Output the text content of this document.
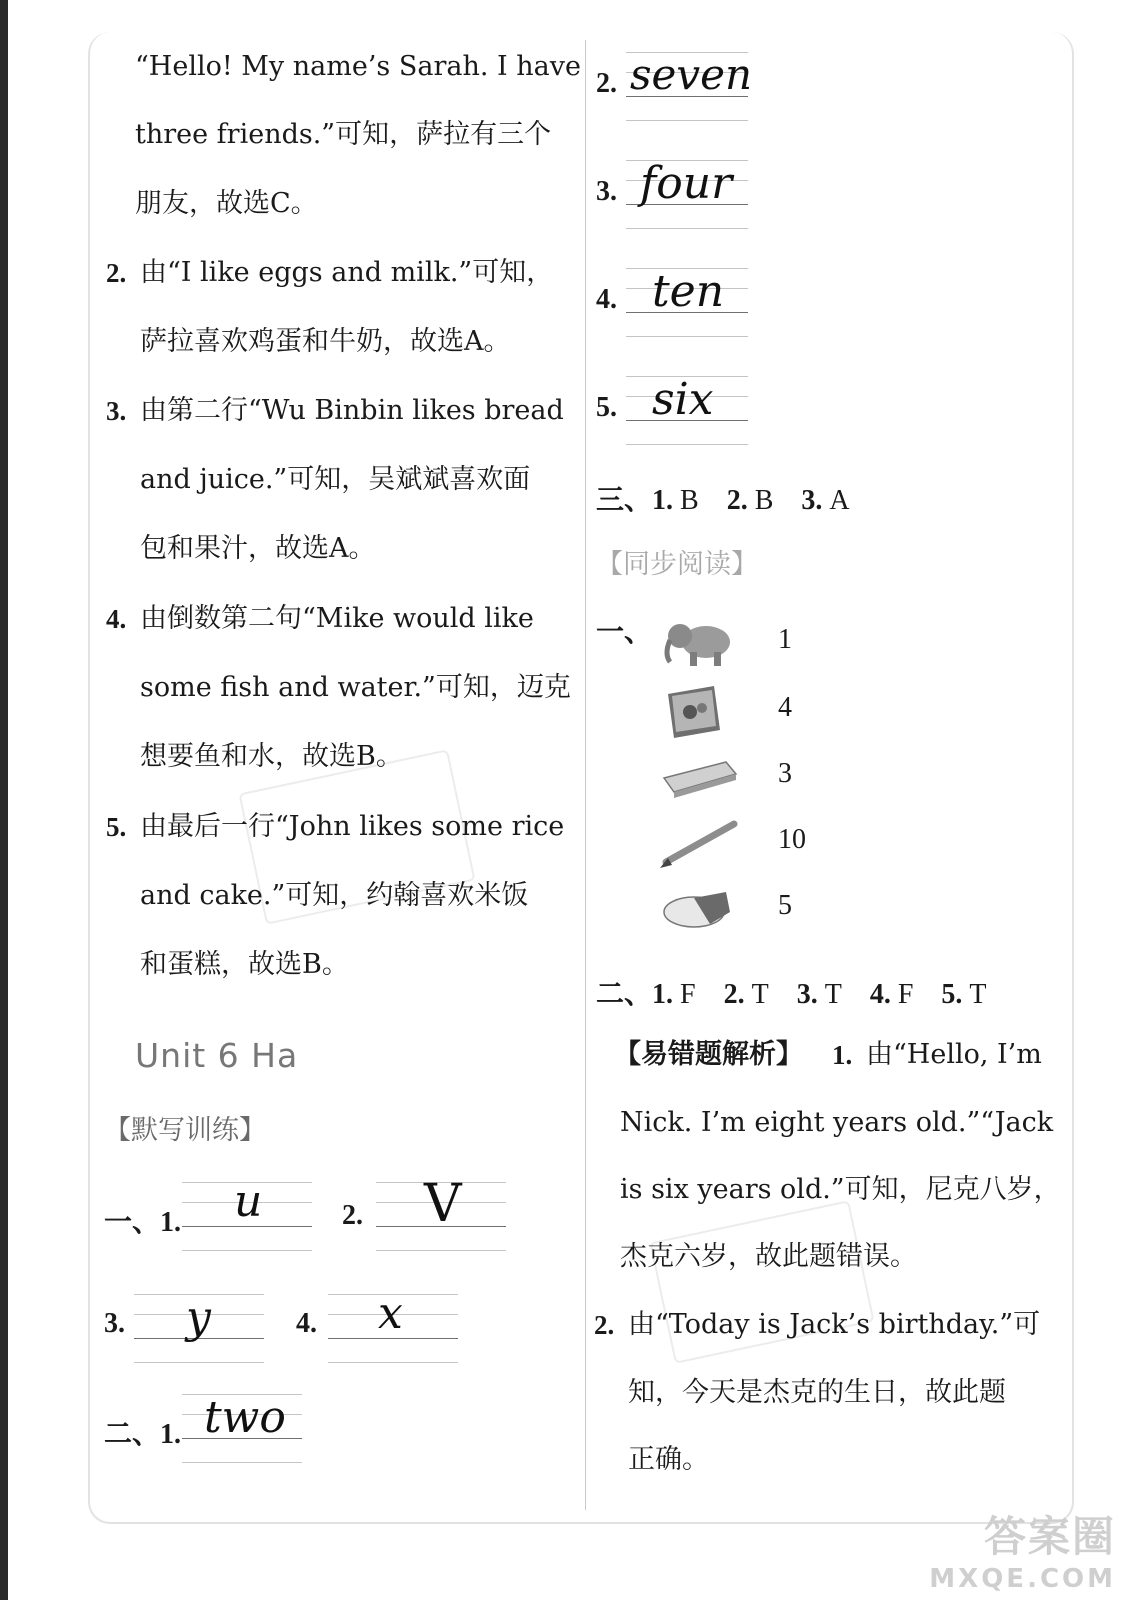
“Hello! My name’s Sarah. I have
three friends.”可知，萨拉有三个
朋友，故选C。
2. 由“I like eggs and milk.”可知，
萨拉喜欢鸡蛋和牛奶，故选A。
3. 由第二行“Wu Binbin likes bread
and juice.”可知，吴斌斌喜欢面
包和果汁，故选A。
4. 由倒数第二句“Mike would like
some fish and water.”可知，迈克
想要鱼和水，故选B。
5. 由最后一行“John likes some rice
and cake.”可知，约翰喜欢米饭
和蛋糕，故选B。
Unit 6 Ha
【默写训练】
一、1. u	2. V
3. y	4. x
二、1. two
2. seven
3. four
4. ten
5. six
三、1. B 2. B 3. A
【同步阅读】
一、	1
4
3
10
5
二、1. F 2. T 3. T 4. F 5. T
【易错题解析】 1. 由“Hello, I’m
Nick. I’m eight years old.”“Jack
is six years old.”可知，尼克八岁，
杰克六岁，故此题错误。
2. 由“Today is Jack’s birthday.”可
知，今天是杰克的生日，故此题
正确。
答案圈
MXQE.COM
